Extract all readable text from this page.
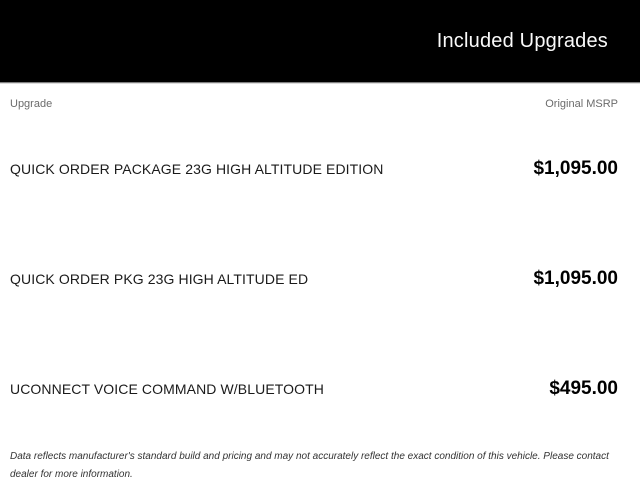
Included Upgrades
Upgrade	Original MSRP
QUICK ORDER PACKAGE 23G HIGH ALTITUDE EDITION	$1,095.00
QUICK ORDER PKG 23G HIGH ALTITUDE ED	$1,095.00
UCONNECT VOICE COMMAND W/BLUETOOTH	$495.00
Data reflects manufacturer's standard build and pricing and may not accurately reflect the exact condition of this vehicle. Please contact dealer for more information.
